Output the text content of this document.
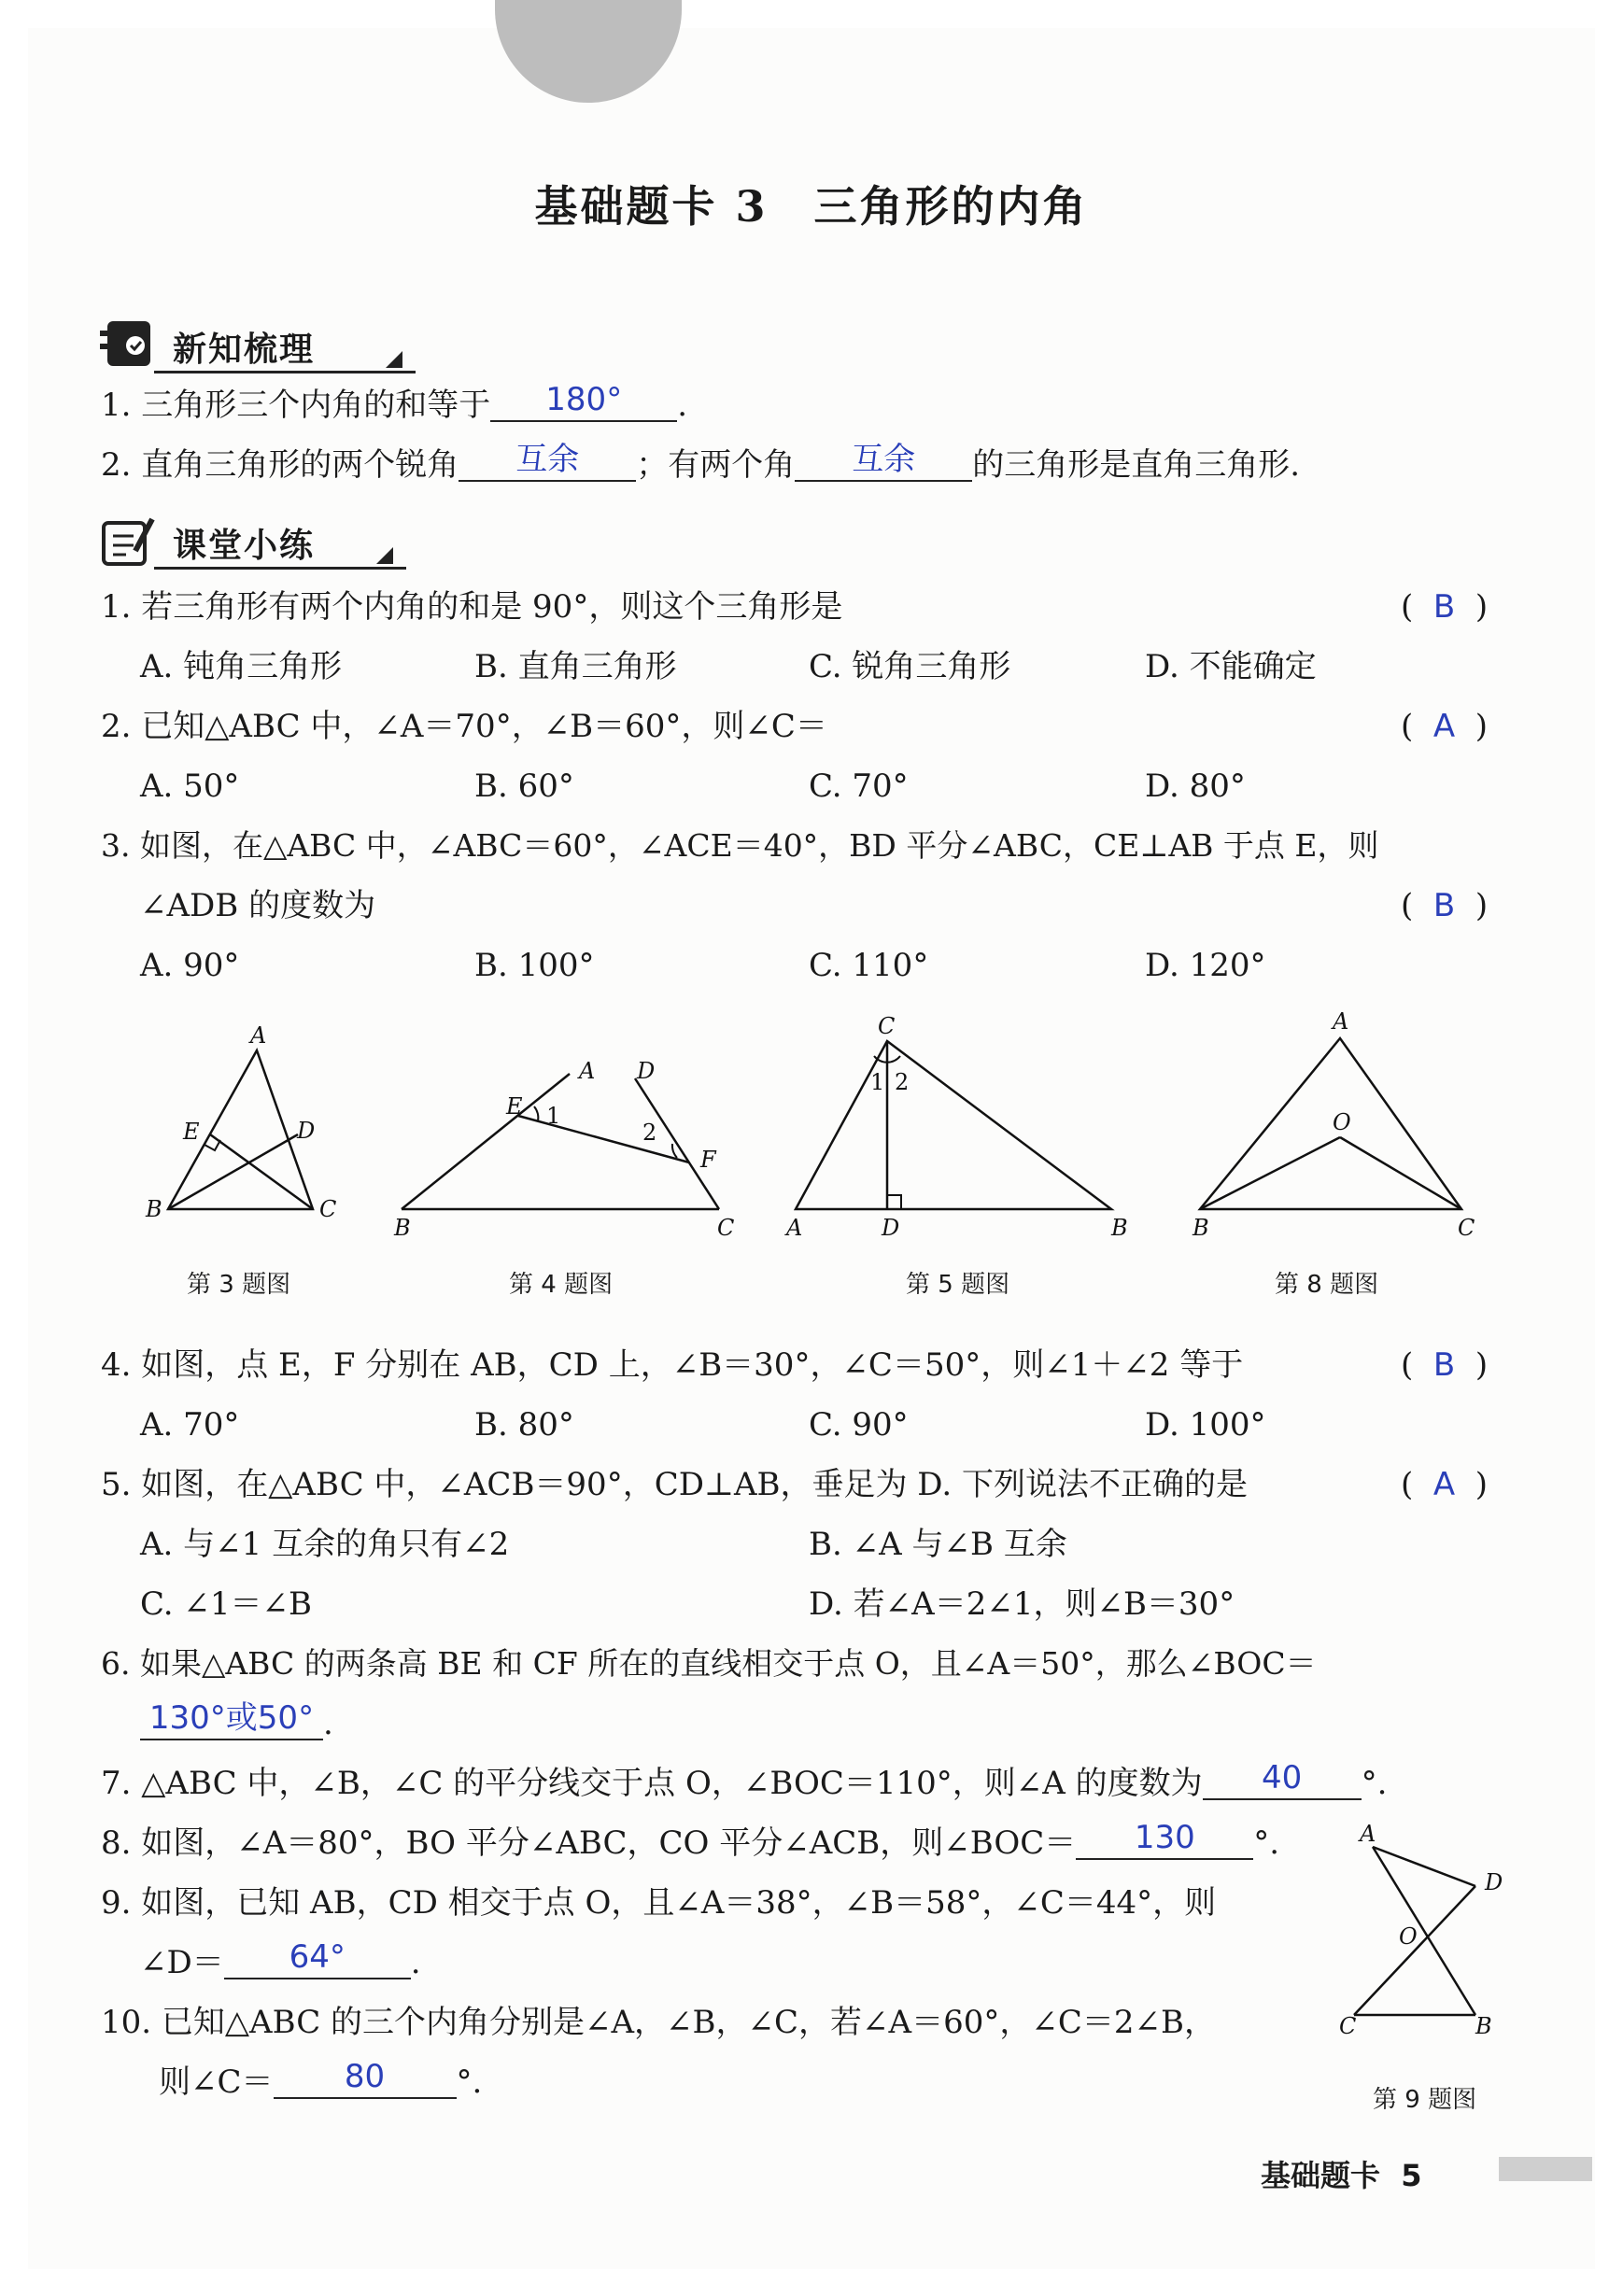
基础题卡 3　三角形的内角
新知梳理
1. 三角形三个内角的和等于 180° .
2. 直角三角形的两个锐角 互余 ；有两个角 互余 的三角形是直角三角形.
课堂小练
1. 若三角形有两个内角的和是 90°，则这个三角形是	(  B  )
A. 钝角三角形	B. 直角三角形	C. 锐角三角形	D. 不能确定
2. 已知△ABC 中，∠A＝70°，∠B＝60°，则∠C＝	(  A  )
A. 50°	B. 60°	C. 70°	D. 80°
3. 如图，在△ABC 中，∠ABC＝60°，∠ACE＝40°，BD 平分∠ABC，CE⊥AB 于点 E，则
∠ADB 的度数为	(  B  )
A. 90°	B. 100°	C. 110°	D. 120°
A
B	C
E	D
第 3 题图
A D
E
F
B	C
1
2
第 4 题图
C
A	D	B
1 2
第 5 题图
A
O
B	C
第 8 题图
4. 如图，点 E，F 分别在 AB，CD 上，∠B＝30°，∠C＝50°，则∠1＋∠2 等于	(  B  )
A. 70°	B. 80°	C. 90°	D. 100°
5. 如图，在△ABC 中，∠ACB＝90°，CD⊥AB，垂足为 D. 下列说法不正确的是	(  A  )
A. 与∠1 互余的角只有∠2	B. ∠A 与∠B 互余
C. ∠1＝∠B	D. 若∠A＝2∠1，则∠B＝30°
6. 如果△ABC 的两条高 BE 和 CF 所在的直线相交于点 O，且∠A＝50°，那么∠BOC＝
130°或50° .
7. △ABC 中，∠B，∠C 的平分线交于点 O，∠BOC＝110°，则∠A 的度数为 40 °.
8. 如图，∠A＝80°，BO 平分∠ABC，CO 平分∠ACB，则∠BOC＝ 130 °.
9. 如图，已知 AB，CD 相交于点 O，且∠A＝38°，∠B＝58°，∠C＝44°，则
∠D＝ 64° .
10. 已知△ABC 的三个内角分别是∠A，∠B，∠C，若∠A＝60°，∠C＝2∠B，
则∠C＝ 80 °.
A
D
O
C	B
第 9 题图
基础题卡 5
